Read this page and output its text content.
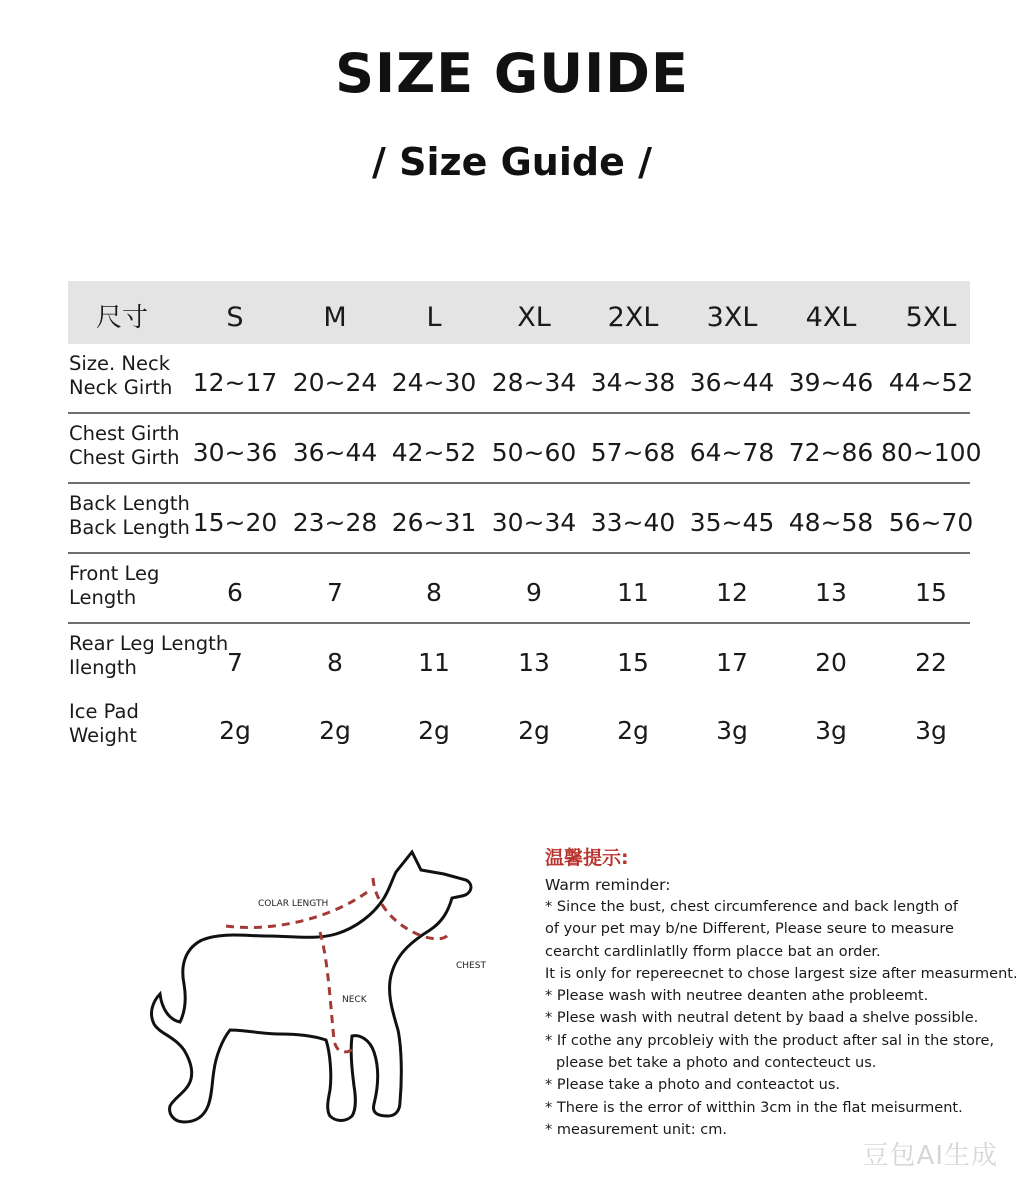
SIZE GUIDE
/ Size Guide /
尺寸	S	M	L	XL	2XL	3XL	4XL	5XL
Size. Neck
Neck Girth 12~17 20~24 24~30 28~34 34~38 36~44 39~46 44~52
Chest Girth
Chest Girth 30~36 36~44 42~52 50~60 57~68 64~78 72~86 80~100
Back Length
Back Length 15~20 23~28 26~31 30~34 33~40 35~45 48~58 56~70
Front Leg
Length	6	7	8	9	11	12	13	15
Rear Leg Length
Ilength	7	8	11	13	15	17	20	22
Ice Pad
Weight	2g	2g	2g	2g	2g	3g	3g	3g
COLAR LENGTH
NECK
CHEST
温馨提示:
Warm reminder:
* Since the bust, chest circumference and back length of
of your pet may b/ne Different, Please seure to measure
cearcht cardlinlatlly fform placce bat an order.
It is only for repereecnet to chose largest size after measurment.
* Please wash with neutree deanten athe probleemt.
* Plese wash with neutral detent by baad a shelve possible.
* If cothe any prcobleiy with the product after sal in the store,
please bet take a photo and contecteuct us.
* Please take a photo and conteactot us.
* There is the error of witthin 3cm in the flat meisurment.
* measurement unit: cm.
豆包AI生成
